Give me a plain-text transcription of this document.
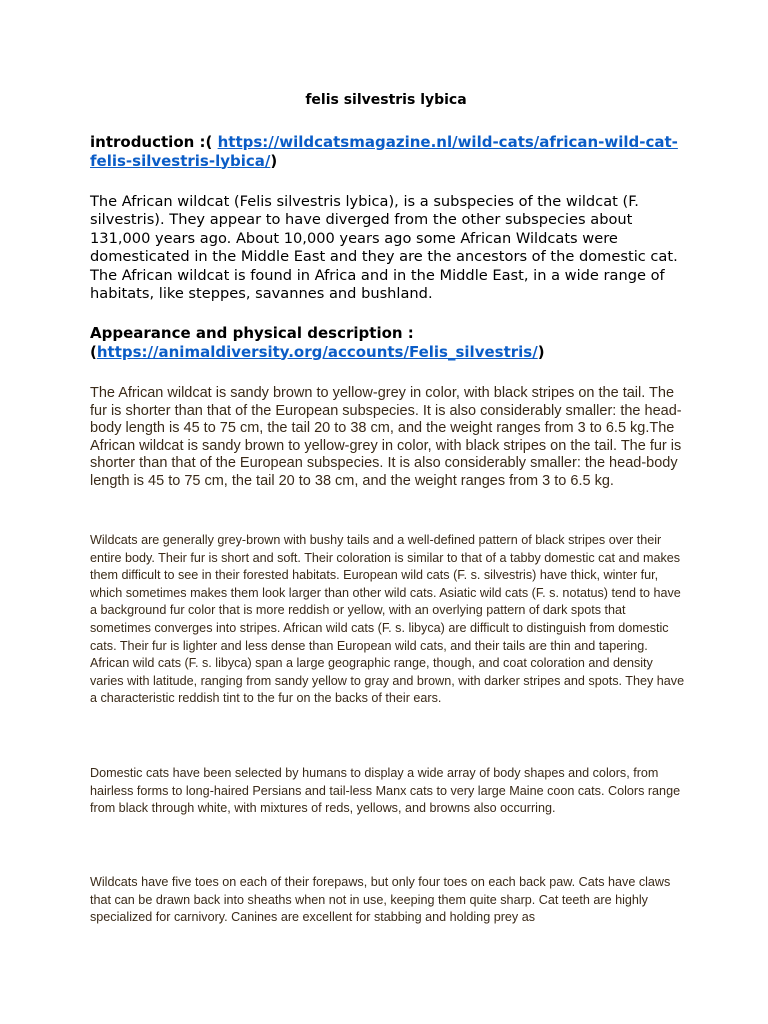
felis silvestris lybica

introduction :( https://wildcatsmagazine.nl/wild-cats/african-wild-cat-felis-silvestris-lybica/)

The African wildcat (Felis silvestris lybica), is a subspecies of the wildcat (F. silvestris). They appear to have diverged from the other subspecies about 131,000 years ago. About 10,000 years ago some African Wildcats were domesticated in the Middle East and they are the ancestors of the domestic cat. The African wildcat is found in Africa and in the Middle East, in a wide range of habitats, like steppes, savannes and bushland.

Appearance and physical description :
(https://animaldiversity.org/accounts/Felis_silvestris/)

The African wildcat is sandy brown to yellow-grey in color, with black stripes on the tail. The fur is shorter than that of the European subspecies. It is also considerably smaller: the head-body length is 45 to 75 cm, the tail 20 to 38 cm, and the weight ranges from 3 to 6.5 kg.The African wildcat is sandy brown to yellow-grey in color, with black stripes on the tail. The fur is shorter than that of the European subspecies. It is also considerably smaller: the head-body length is 45 to 75 cm, the tail 20 to 38 cm, and the weight ranges from 3 to 6.5 kg.

Wildcats are generally grey-brown with bushy tails and a well-defined pattern of black stripes over their entire body. Their fur is short and soft. Their coloration is similar to that of a tabby domestic cat and makes them difficult to see in their forested habitats. European wild cats (F. s. silvestris) have thick, winter fur, which sometimes makes them look larger than other wild cats. Asiatic wild cats (F. s. notatus) tend to have a background fur color that is more reddish or yellow, with an overlying pattern of dark spots that sometimes converges into stripes. African wild cats (F. s. libyca) are difficult to distinguish from domestic cats. Their fur is lighter and less dense than European wild cats, and their tails are thin and tapering. African wild cats (F. s. libyca) span a large geographic range, though, and coat coloration and density varies with latitude, ranging from sandy yellow to gray and brown, with darker stripes and spots. They have a characteristic reddish tint to the fur on the backs of their ears.

Domestic cats have been selected by humans to display a wide array of body shapes and colors, from hairless forms to long-haired Persians and tail-less Manx cats to very large Maine coon cats. Colors range from black through white, with mixtures of reds, yellows, and browns also occurring.

Wildcats have five toes on each of their forepaws, but only four toes on each back paw. Cats have claws that can be drawn back into sheaths when not in use, keeping them quite sharp. Cat teeth are highly specialized for carnivory. Canines are excellent for stabbing and holding prey as
